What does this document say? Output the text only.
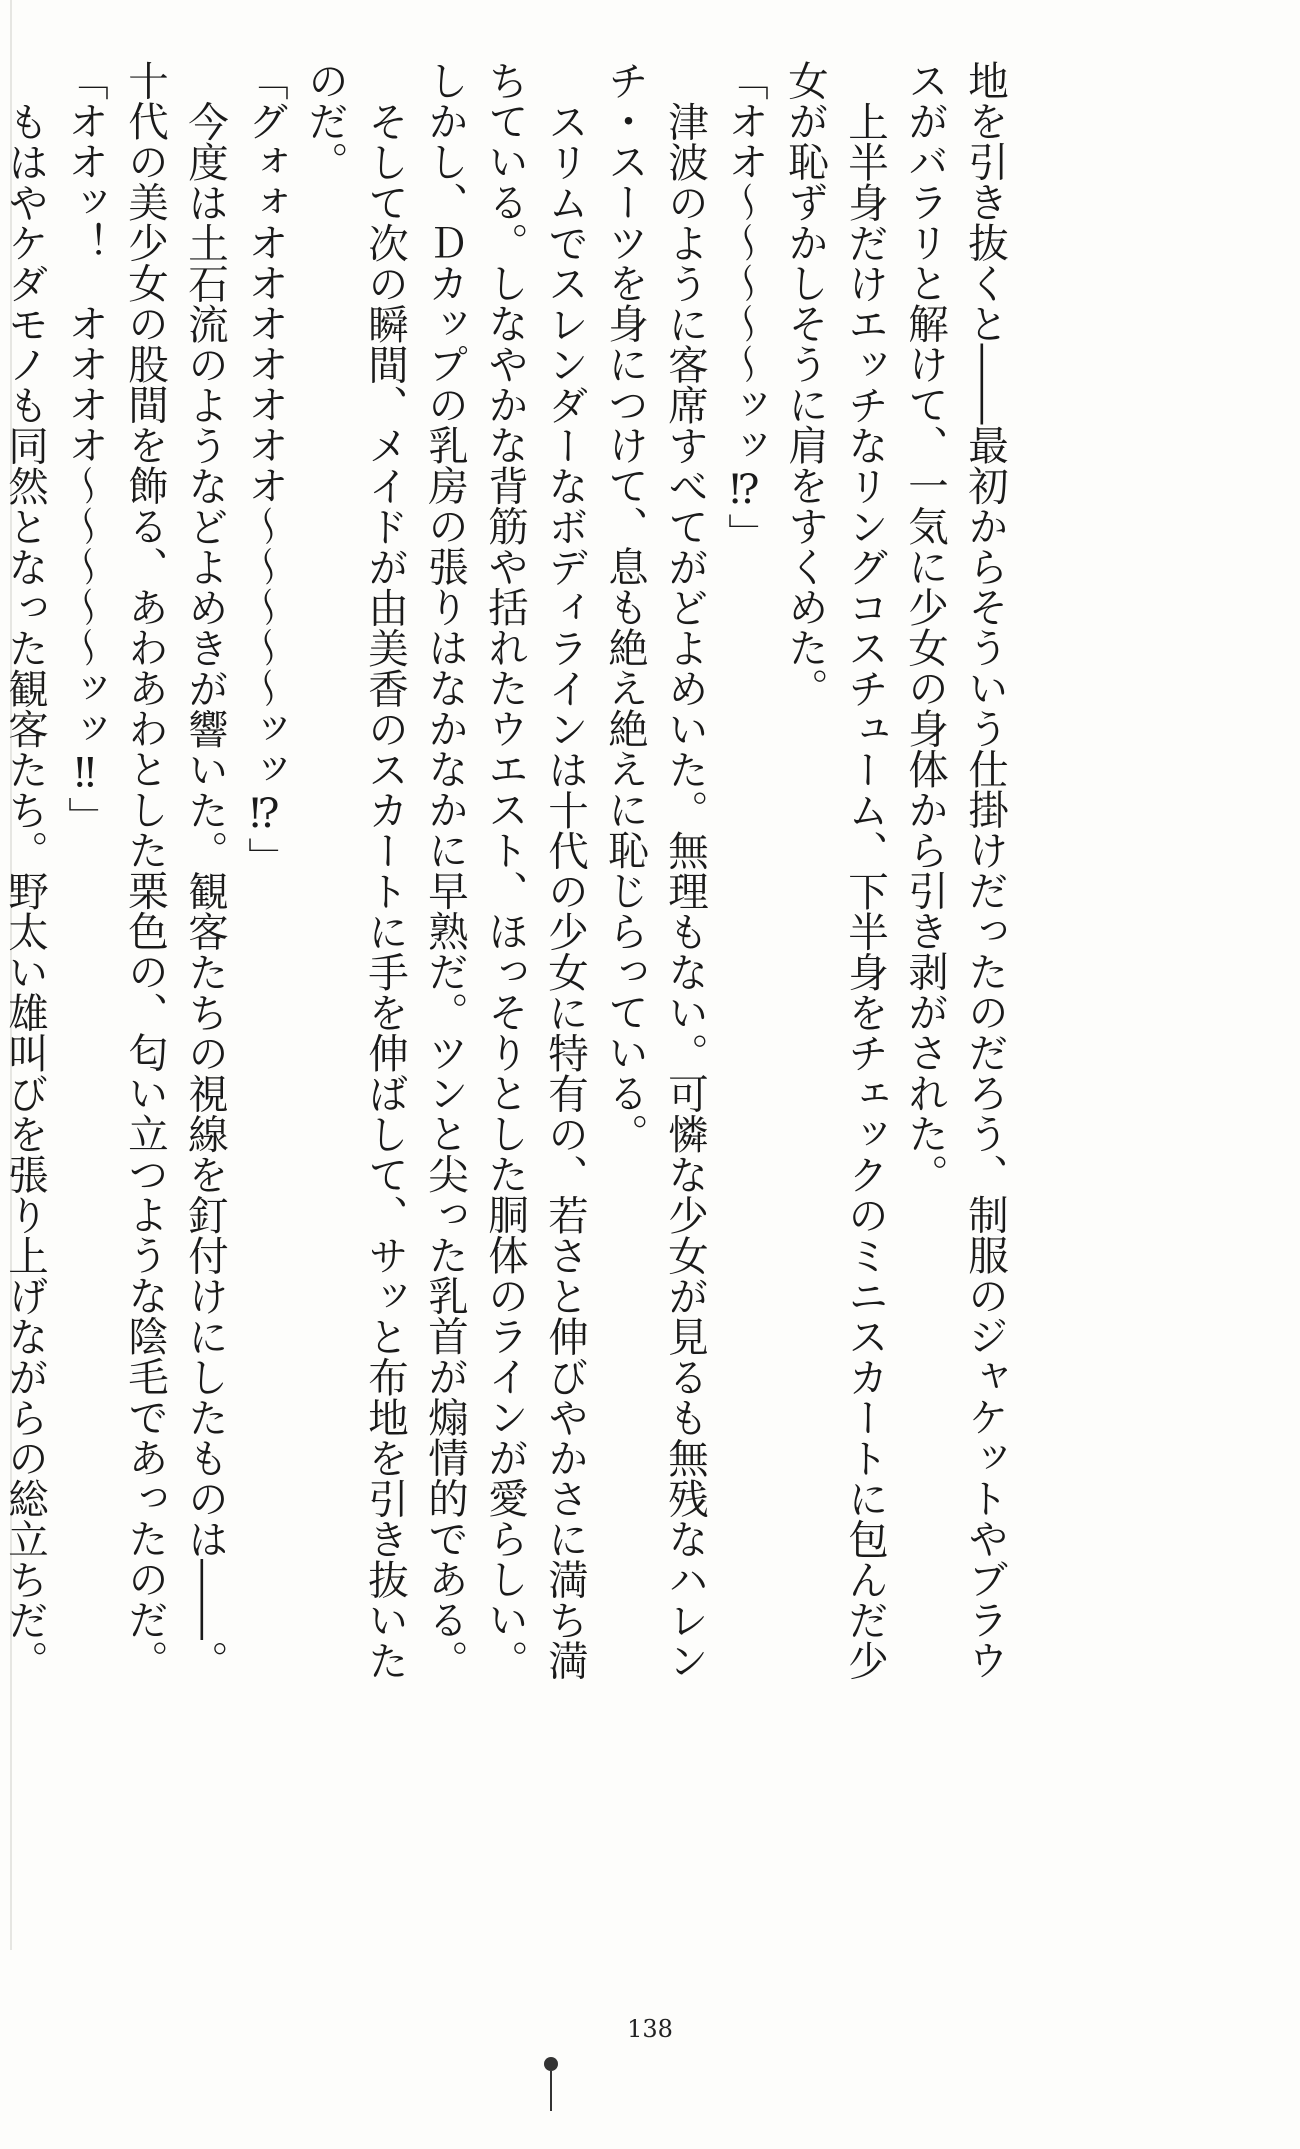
地を引き抜くと――最初からそういう仕掛けだったのだろう、制服のジャケットやブラウ

スがバラリと解けて、一気に少女の身体から引き剥がされた。

上半身だけエッチなリングコスチューム、下半身をチェックのミニスカートに包んだ少

女が恥ずかしそうに肩をすくめた。

「オオ～～～～～ッッ⁉」

津波のように客席すべてがどよめいた。無理もない。可憐な少女が見るも無残なハレン

チ・スーツを身につけて、息も絶え絶えに恥じらっている。

スリムでスレンダーなボディラインは十代の少女に特有の、若さと伸びやかさに満ち満

ちている。しなやかな背筋や括れたウエスト、ほっそりとした胴体のラインが愛らしい。

しかし、Ｄカップの乳房の張りはなかなかに早熟だ。ツンと尖った乳首が煽情的である。

そして次の瞬間、メイドが由美香のスカートに手を伸ばして、サッと布地を引き抜いた

のだ。

「グォォオオオオオオオ～～～～～ッッ⁉」

今度は土石流のようなどよめきが響いた。観客たちの視線を釘付けにしたものは――。

十代の美少女の股間を飾る、あわあわとした栗色の、匂い立つような陰毛であったのだ。

「オオッ！　オオオオ～～～～～ッッ‼」

もはやケダモノも同然となった観客たち。野太い雄叫びを張り上げながらの総立ちだ。

138
